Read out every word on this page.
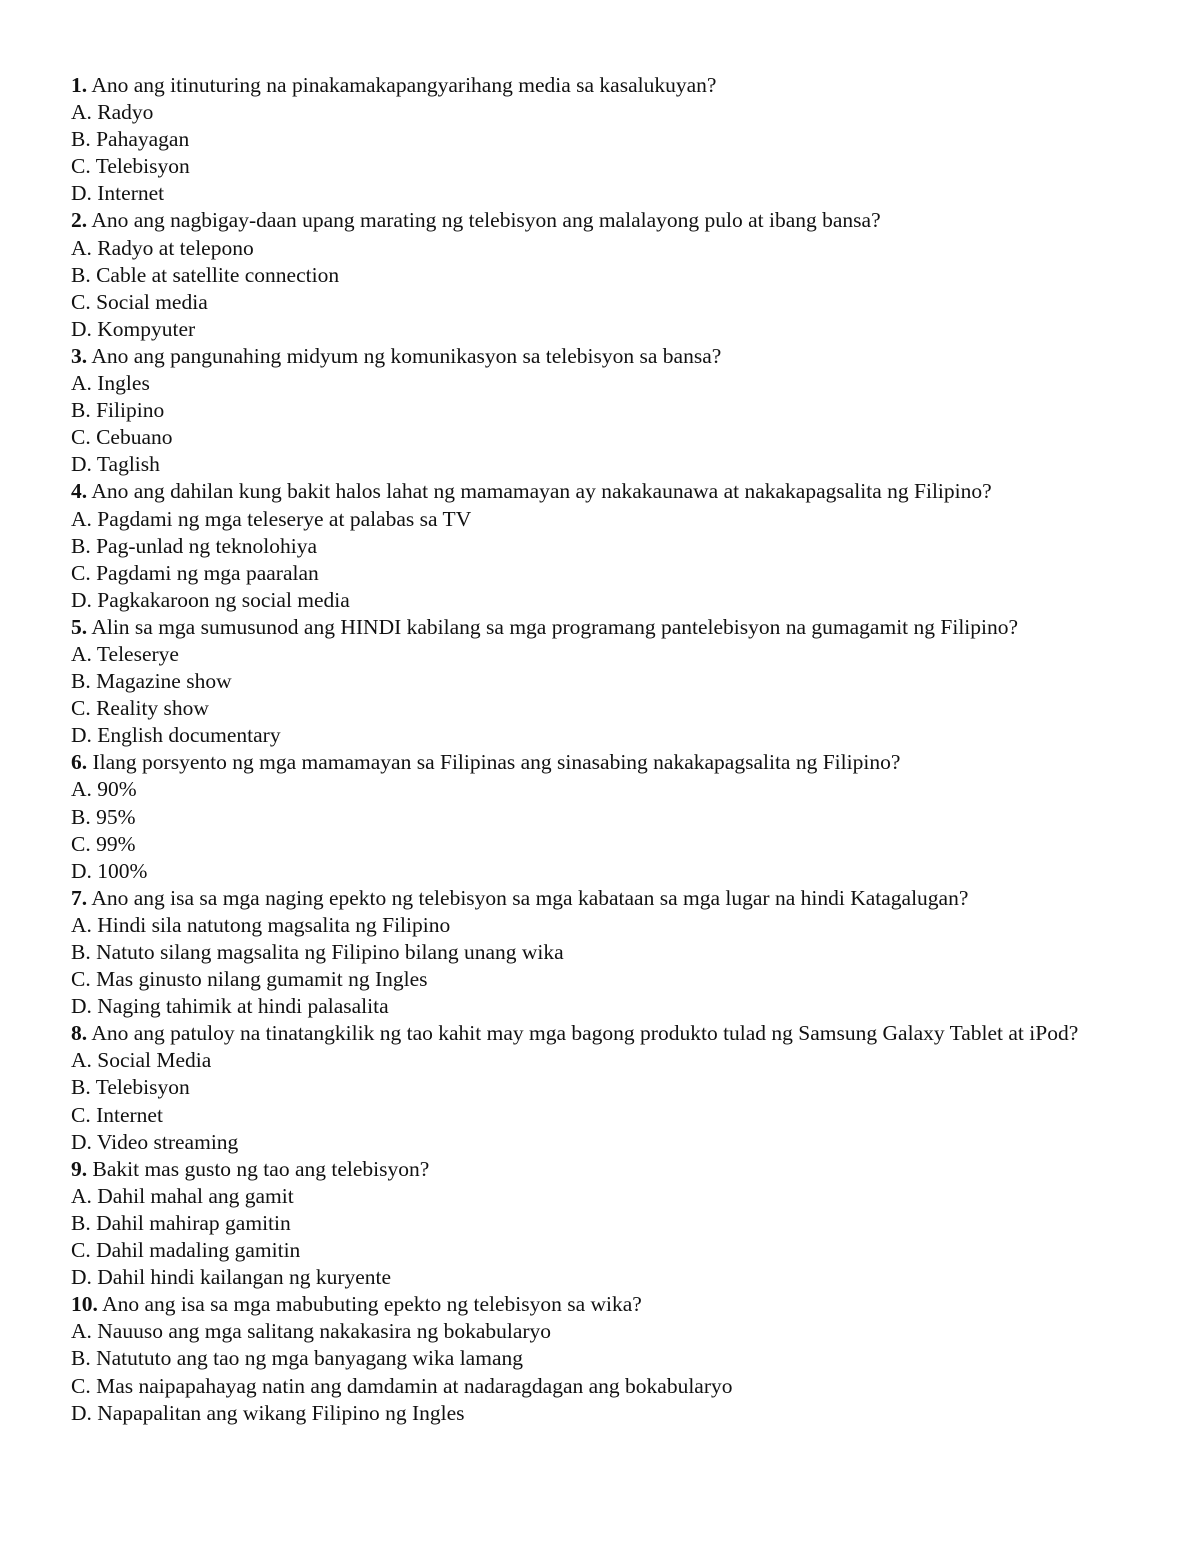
1. Ano ang itinuturing na pinakamakapangyarihang media sa kasalukuyan?
A. Radyo
B. Pahayagan
C. Telebisyon
D. Internet
2. Ano ang nagbigay-daan upang marating ng telebisyon ang malalayong pulo at ibang bansa?
A. Radyo at telepono
B. Cable at satellite connection
C. Social media
D. Kompyuter
3. Ano ang pangunahing midyum ng komunikasyon sa telebisyon sa bansa?
A. Ingles
B. Filipino
C. Cebuano
D. Taglish
4. Ano ang dahilan kung bakit halos lahat ng mamamayan ay nakakaunawa at nakakapagsalita ng Filipino?
A. Pagdami ng mga teleserye at palabas sa TV
B. Pag-unlad ng teknolohiya
C. Pagdami ng mga paaralan
D. Pagkakaroon ng social media
5. Alin sa mga sumusunod ang HINDI kabilang sa mga programang pantelebisyon na gumagamit ng Filipino?
A. Teleserye
B. Magazine show
C. Reality show
D. English documentary
6. Ilang porsyento ng mga mamamayan sa Filipinas ang sinasabing nakakapagsalita ng Filipino?
A. 90%
B. 95%
C. 99%
D. 100%
7. Ano ang isa sa mga naging epekto ng telebisyon sa mga kabataan sa mga lugar na hindi Katagalugan?
A. Hindi sila natutong magsalita ng Filipino
B. Natuto silang magsalita ng Filipino bilang unang wika
C. Mas ginusto nilang gumamit ng Ingles
D. Naging tahimik at hindi palasalita
8. Ano ang patuloy na tinatangkilik ng tao kahit may mga bagong produkto tulad ng Samsung Galaxy Tablet at iPod?
A. Social Media
B. Telebisyon
C. Internet
D. Video streaming
9. Bakit mas gusto ng tao ang telebisyon?
A. Dahil mahal ang gamit
B. Dahil mahirap gamitin
C. Dahil madaling gamitin
D. Dahil hindi kailangan ng kuryente
10. Ano ang isa sa mga mabubuting epekto ng telebisyon sa wika?
A. Nauuso ang mga salitang nakakasira ng bokabularyo
B. Natututo ang tao ng mga banyagang wika lamang
C. Mas naipapahayag natin ang damdamin at nadaragdagan ang bokabularyo
D. Napapalitan ang wikang Filipino ng Ingles
